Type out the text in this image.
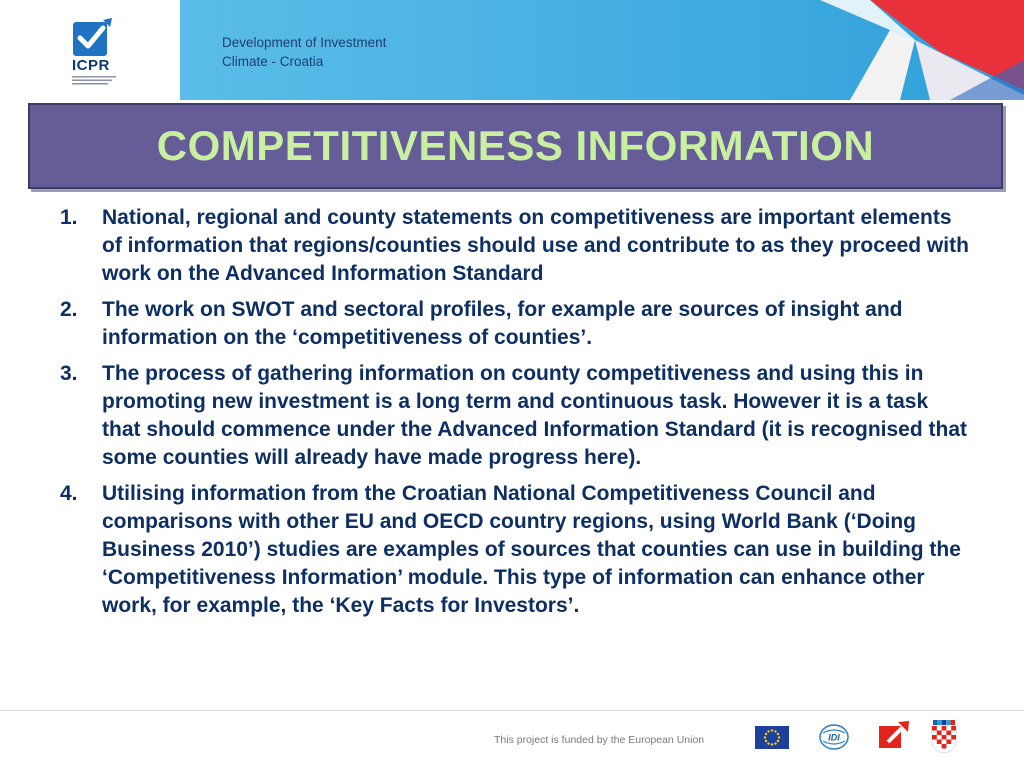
ICPR
Development of Investment
Climate - Croatia
COMPETITIVENESS INFORMATION
1.	National, regional and county statements on competitiveness are important elements of information that regions/counties should use and contribute to as they proceed with work on the Advanced Information Standard
2.	The work on SWOT and sectoral profiles, for example are sources of insight and information on the ‘competitiveness of counties’.
3.	The process of gathering information on county competitiveness and using this in promoting new investment is a long term and continuous task. However it is a task that should commence under the Advanced Information Standard (it is recognised that some counties will already have made progress here).
4.	Utilising information from the Croatian National Competitiveness Council and comparisons with other EU and OECD country regions, using World Bank (‘Doing Business 2010’) studies are examples of sources that counties can use in building the ‘Competitiveness Information’ module. This type of information can enhance other work, for example, the ‘Key Facts for Investors’.
This project is funded by the European Union	IDI
